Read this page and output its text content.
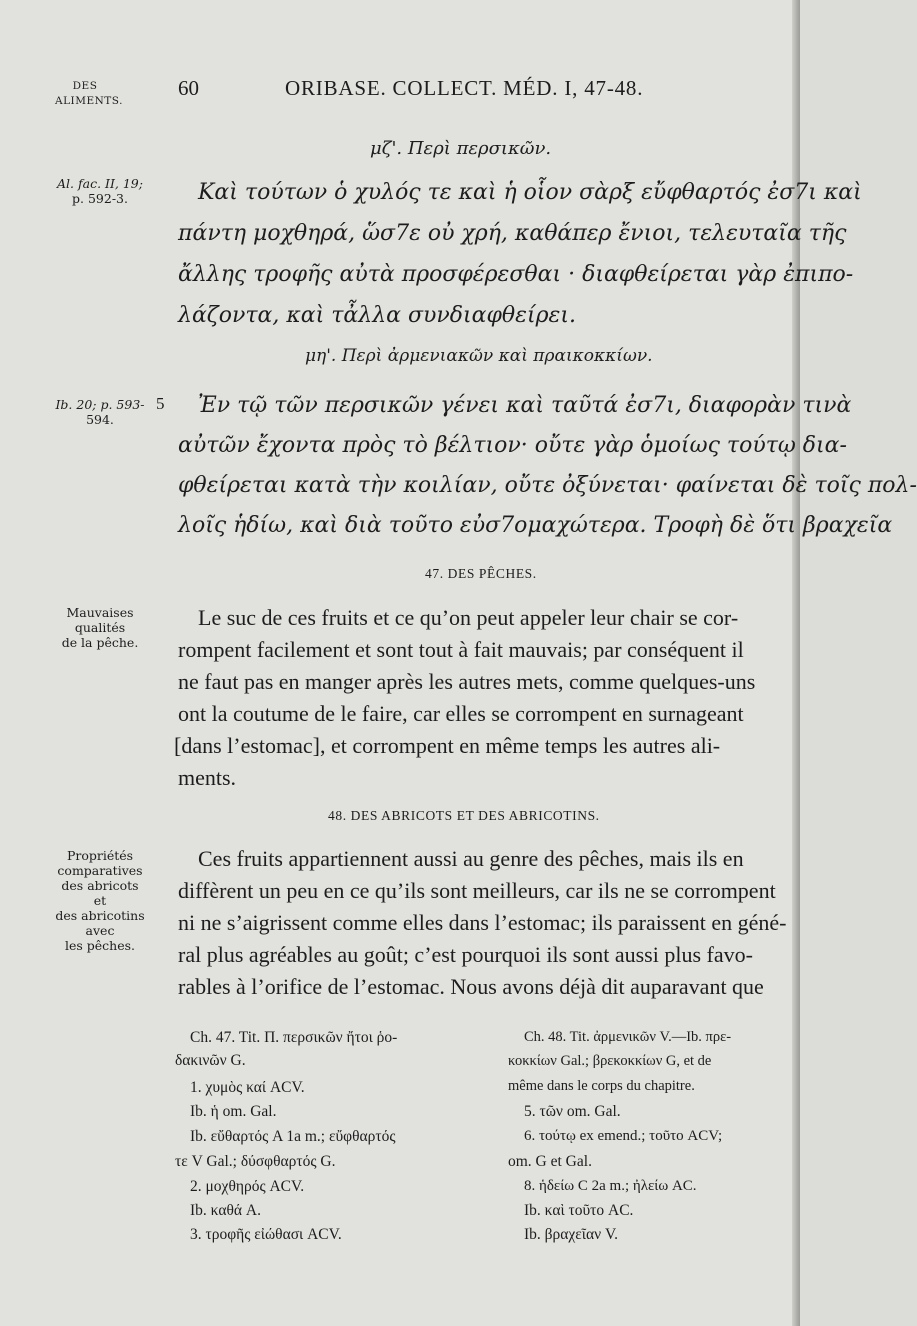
DES
ALIMENTS.
60	ORIBASE. COLLECT. MÉD. I, 47-48.
μζ'. Περὶ περσικῶν.
Al. fac. II, 19;
p. 592-3.	Καὶ τούτων ὁ χυλός τε καὶ ἡ οἷον σὰρξ εὔφθαρτός ἐσ7ι καὶ
πάντη μοχθηρά, ὥσ7ε οὐ χρή, καθάπερ ἔνιοι, τελευταῖα τῆς
ἄλλης τροφῆς αὐτὰ προσφέρεσθαι · διαφθείρεται γὰρ ἐπιπο-
λάζοντα, καὶ τἆλλα συνδιαφθείρει.
μη'. Περὶ ἀρμενιακῶν καὶ πραικοκκίων.
Ib. 20; p. 593-
594.
5 Ἐν τῷ τῶν περσικῶν γένει καὶ ταῦτά ἐσ7ι, διαφορὰν τινὰ
αὐτῶν ἔχοντα πρὸς τὸ βέλτιον· οὔτε γὰρ ὁμοίως τούτῳ δια-
φθείρεται κατὰ τὴν κοιλίαν, οὔτε ὀξύνεται· φαίνεται δὲ τοῖς πολ-
λοῖς ἡδίω, καὶ διὰ τοῦτο εὐσ7ομαχώτερα. Τροφὴ δὲ ὅτι βραχεῖα
47. DES PÊCHES.
Mauvaises
qualités
de la pêche.
Le suc de ces fruits et ce qu’on peut appeler leur chair se cor-
rompent facilement et sont tout à fait mauvais; par conséquent il
ne faut pas en manger après les autres mets, comme quelques-uns
ont la coutume de le faire, car elles se corrompent en surnageant
[dans l’estomac], et corrompent en même temps les autres ali-
ments.
48. DES ABRICOTS ET DES ABRICOTINS.
Propriétés
comparatives
des abricots
et
des abricotins
avec
les pêches.
Ces fruits appartiennent aussi au genre des pêches, mais ils en
diffèrent un peu en ce qu’ils sont meilleurs, car ils ne se corrompent
ni ne s’aigrissent comme elles dans l’estomac; ils paraissent en géné-
ral plus agréables au goût; c’est pourquoi ils sont aussi plus favo-
rables à l’orifice de l’estomac. Nous avons déjà dit auparavant que
Ch. 47. Tit. Π. περσικῶν ἤτοι ῥο-
δακινῶν G.
1. χυμὸς καί ACV.
Ib. ἡ om. Gal.
Ib. εὔθαρτός A 1a m.; εὔφθαρτός
τε V Gal.; δύσφθαρτός G.
2. μοχθηρός ACV.
Ib. καθά A.
3. τροφῆς εἰώθασι ACV.
Ch. 48. Tit. ἀρμενικῶν V.—Ib. πρε-
κοκκίων Gal.; βρεκοκκίων G, et de
même dans le corps du chapitre.
5. τῶν om. Gal.
6. τούτῳ ex emend.; τοῦτο ACV;
om. G et Gal.
8. ἡδείω C 2a m.; ἠλείω AC.
Ib. καὶ τοῦτο AC.
Ib. βραχεῖαν V.
